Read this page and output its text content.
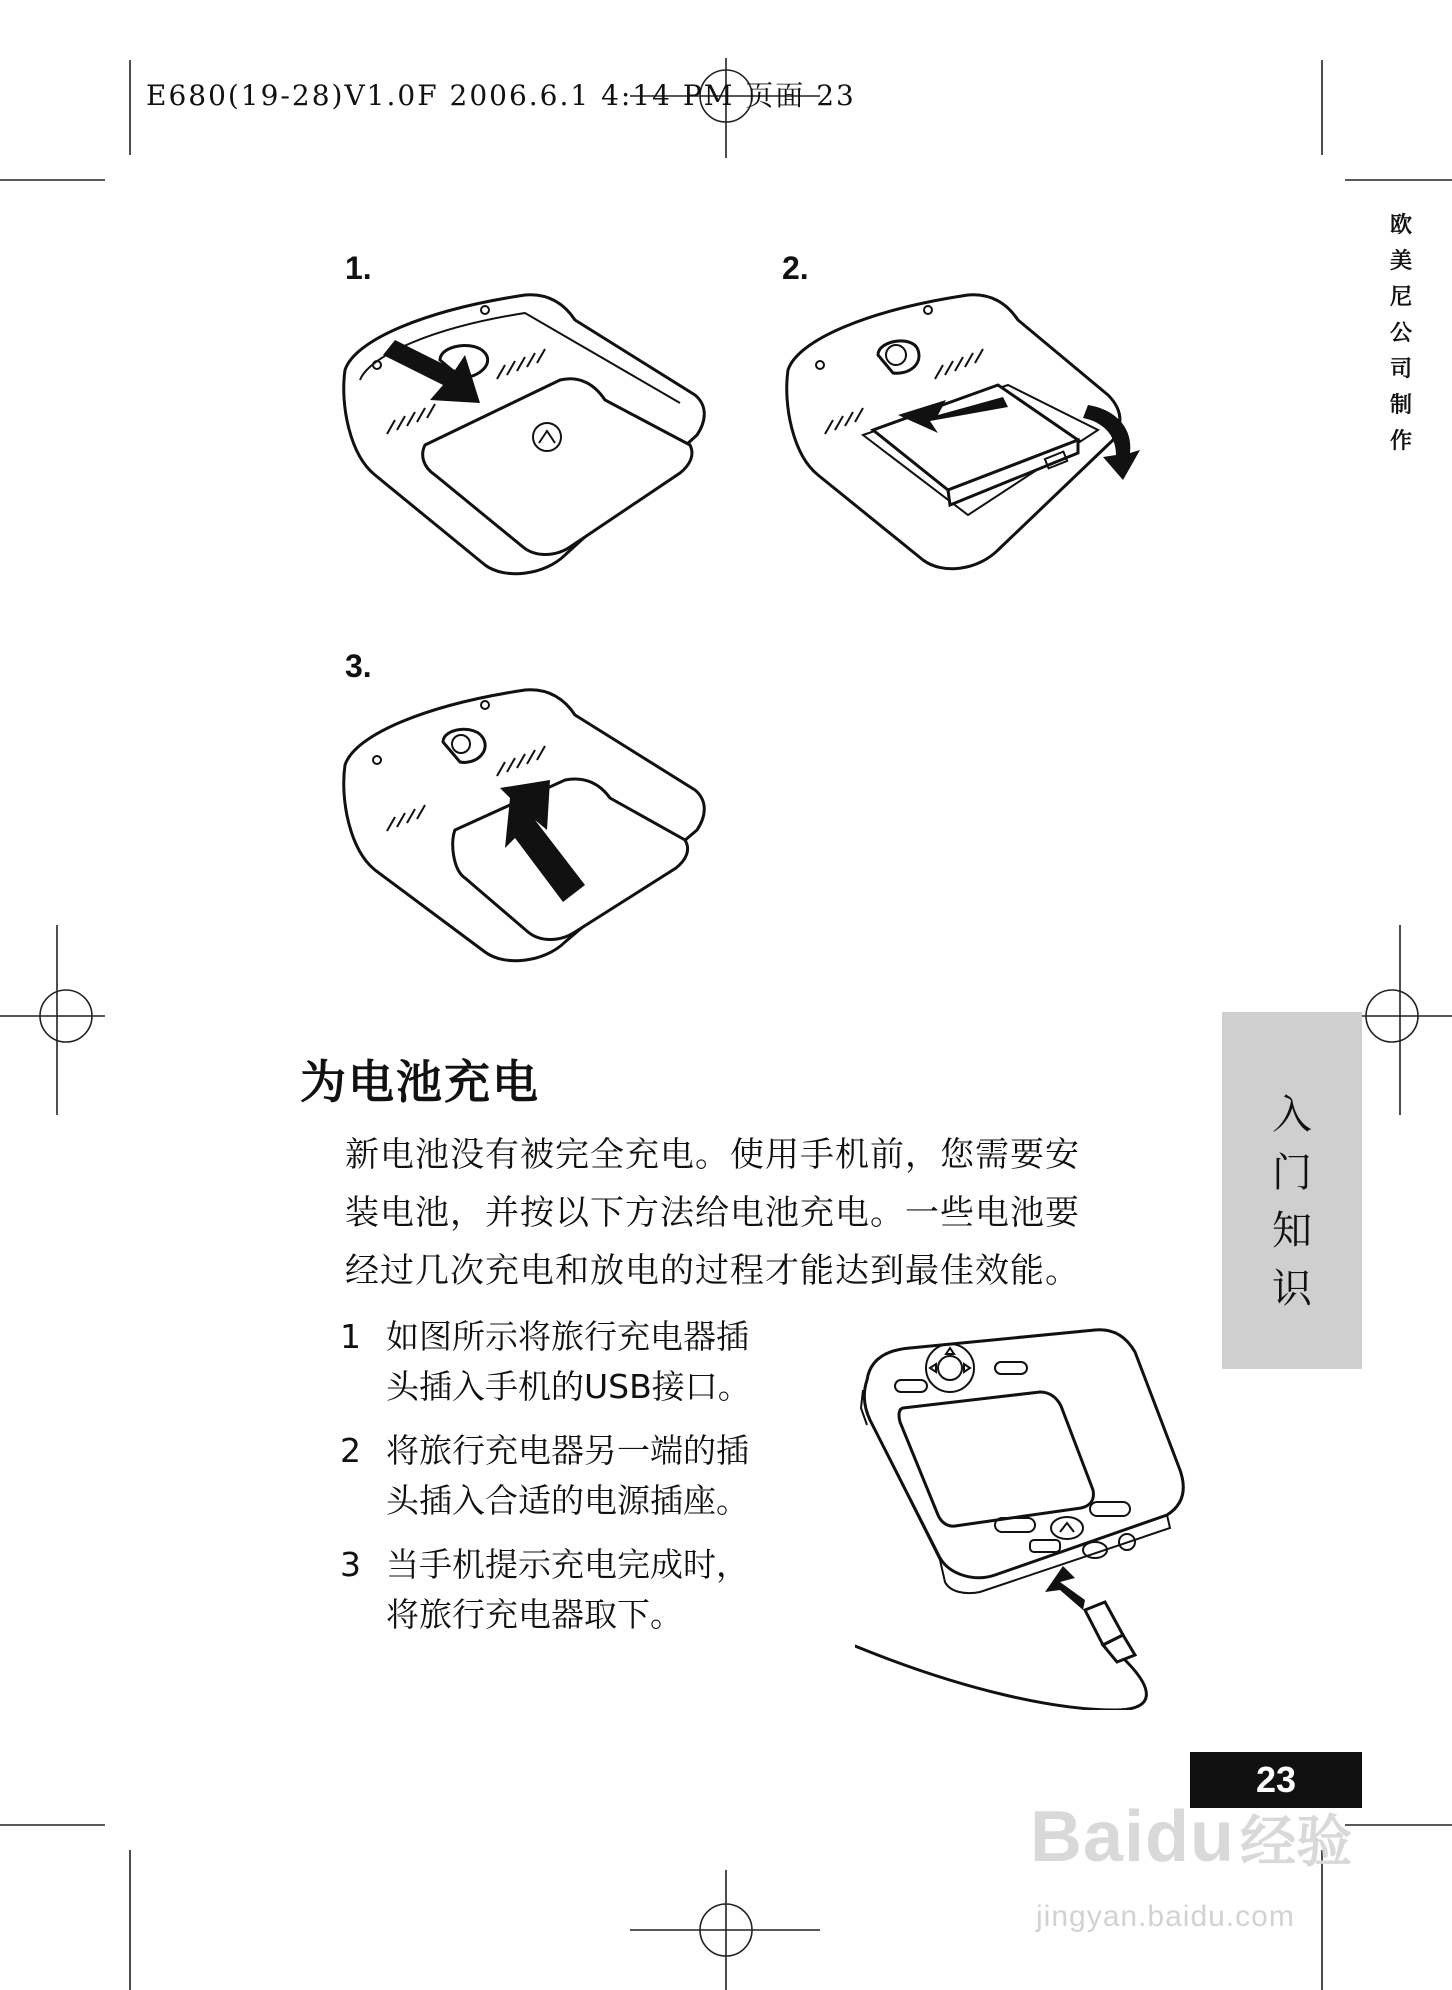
E680(19-28)V1.0F 2006.6.1 4:14 PM 页面 23
欧
美
尼
公
司
制
作
入
门
知
识
1.	2.
3.
为电池充电

新电池没有被完全充电。使用手机前，您需要安

装电池，并按以下方法给电池充电。一些电池要

经过几次充电和放电的过程才能达到最佳效能。

1 如图所示将旅行充电器插
头插入手机的USB接口。
2 将旅行充电器另一端的插
头插入合适的电源插座。
3 当手机提示充电完成时，
将旅行充电器取下。
23
Baidu 经验
jingyan.baidu.com
